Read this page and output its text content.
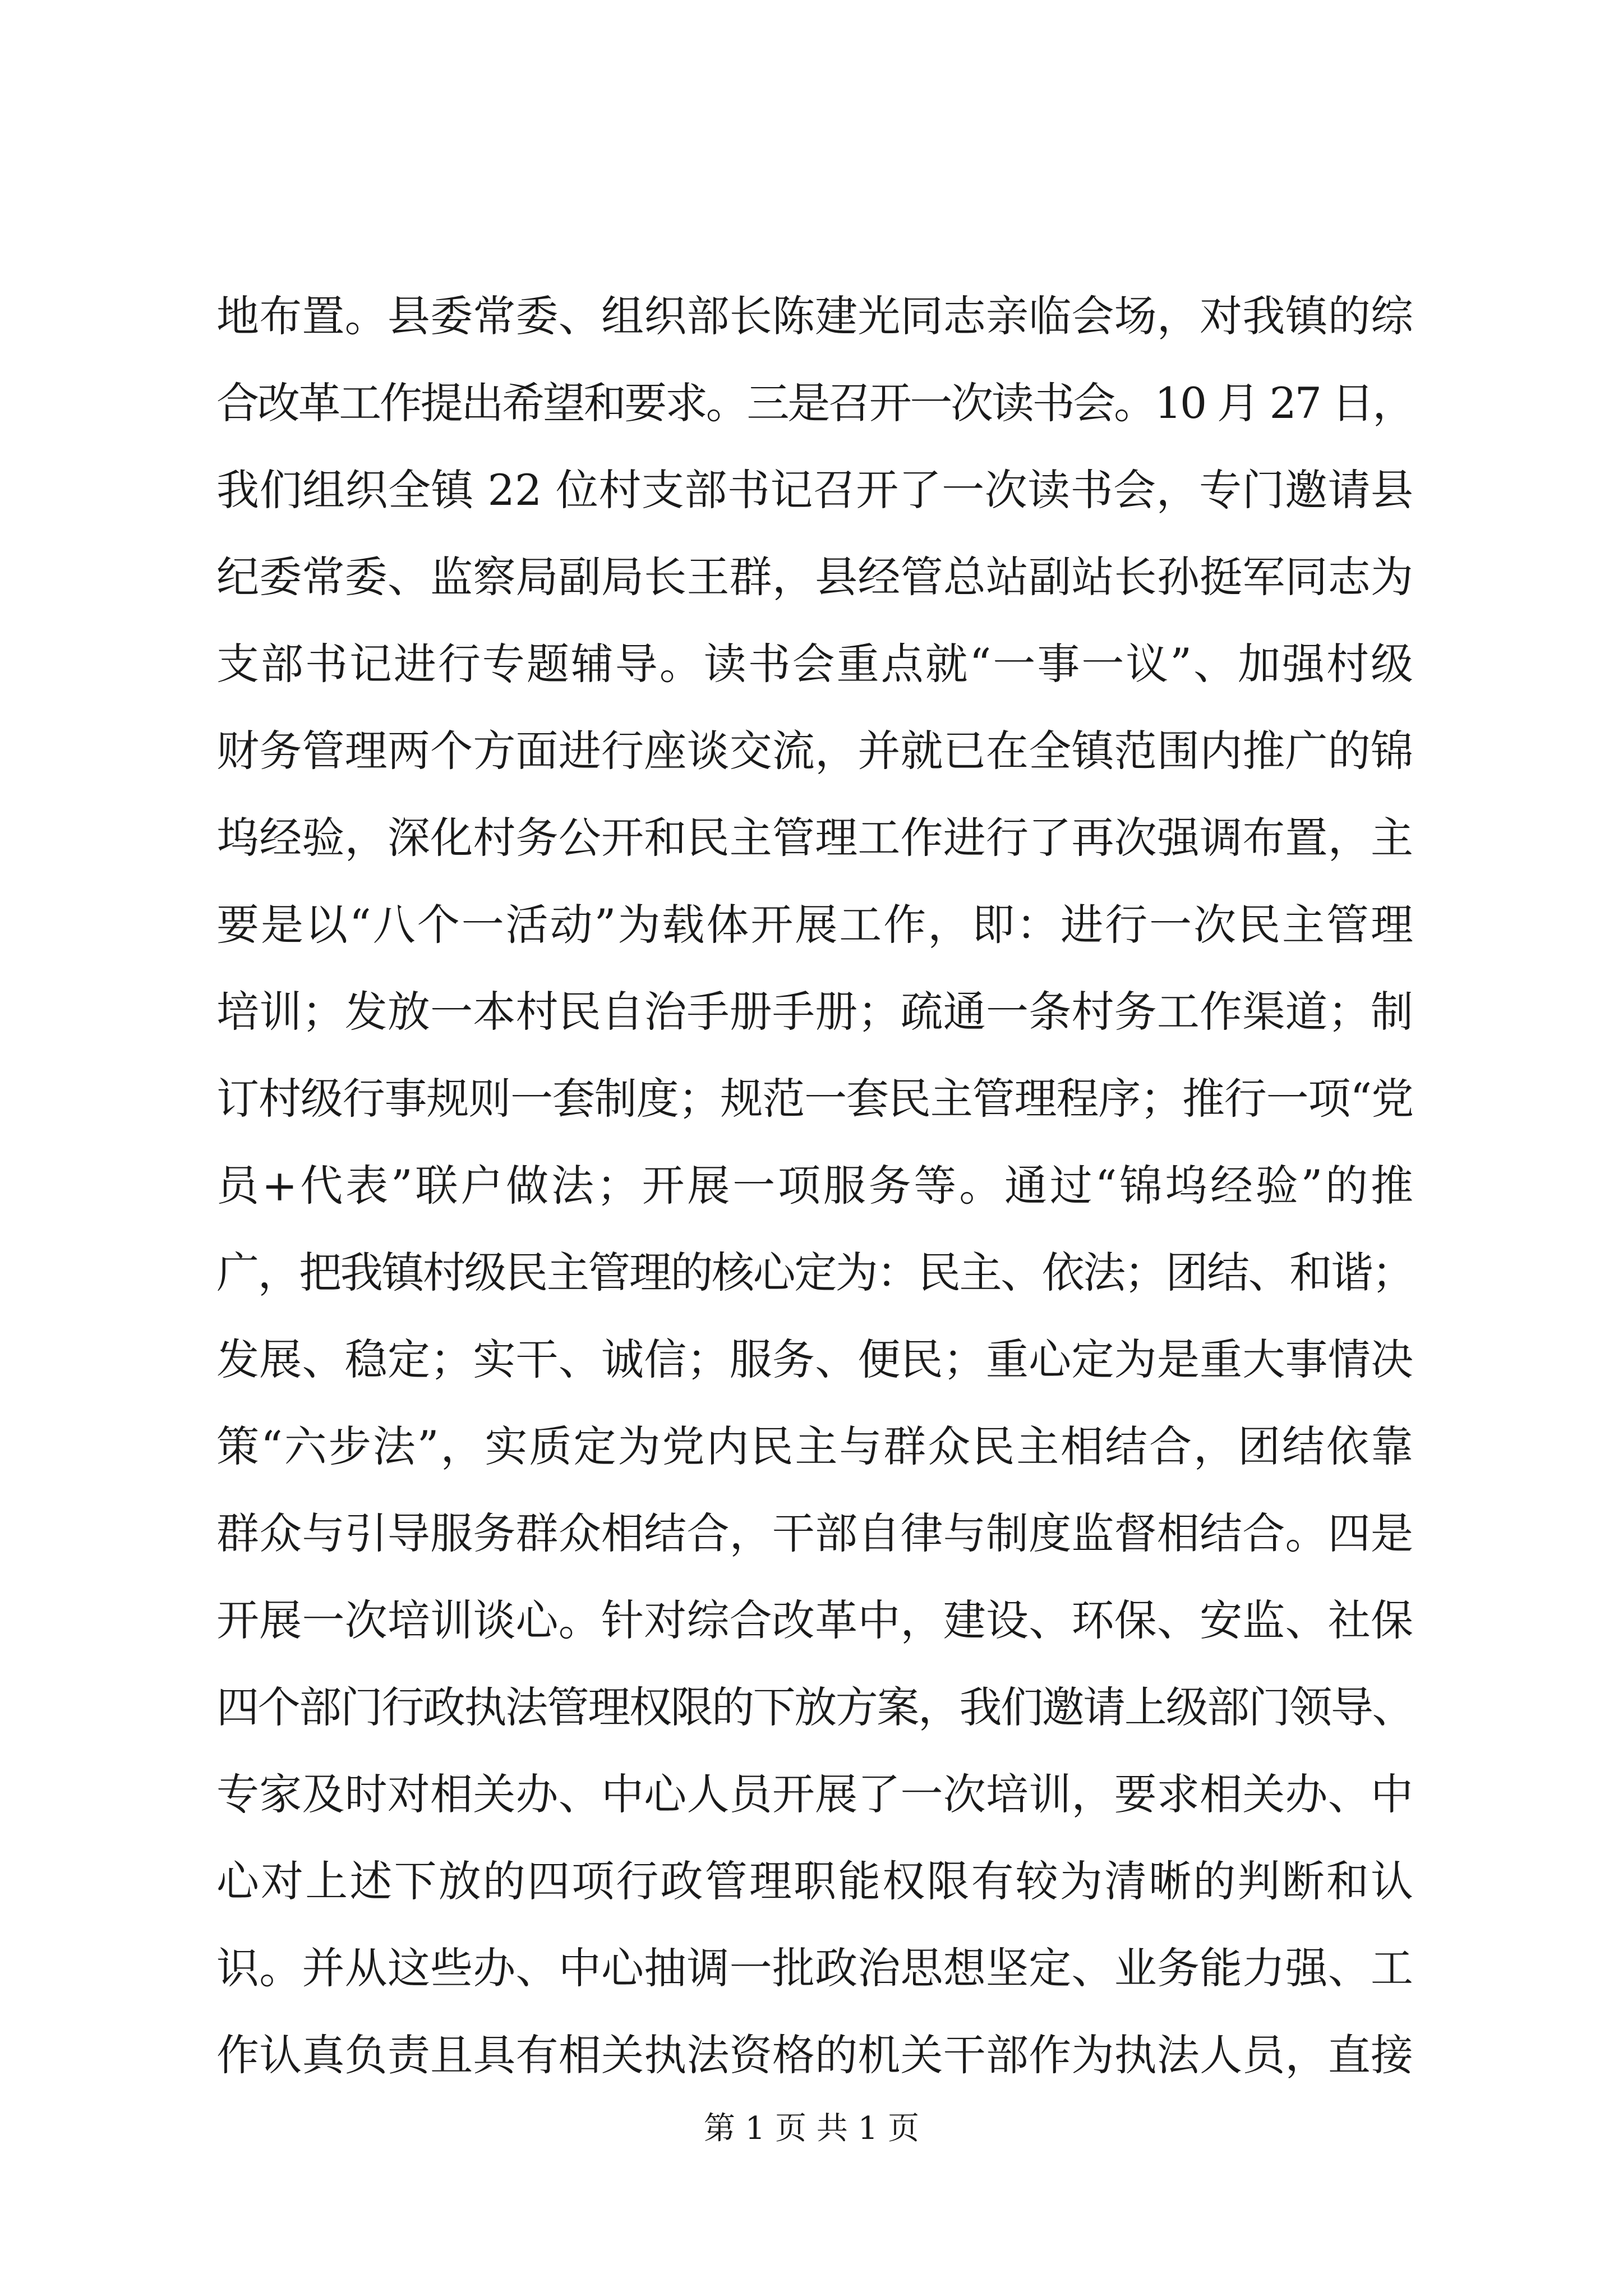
地布置。县委常委、组织部长陈建光同志亲临会场，对我镇的综
合改革工作提出希望和要求。三是召开一次读书会。10 月 27 日，
我们组织全镇 22 位村支部书记召开了一次读书会，专门邀请县
纪委常委、监察局副局长王群，县经管总站副站长孙挺军同志为
支部书记进行专题辅导。读书会重点就“一事一议”、加强村级
财务管理两个方面进行座谈交流，并就已在全镇范围内推广的锦
坞经验，深化村务公开和民主管理工作进行了再次强调布置，主
要是以“八个一活动”为载体开展工作，即：进行一次民主管理
培训；发放一本村民自治手册手册；疏通一条村务工作渠道；制
订村级行事规则一套制度；规范一套民主管理程序；推行一项“党
员+代表”联户做法；开展一项服务等。通过“锦坞经验”的推
广，把我镇村级民主管理的核心定为：民主、依法；团结、和谐；
发展、稳定；实干、诚信；服务、便民；重心定为是重大事情决
策“六步法”，实质定为党内民主与群众民主相结合，团结依靠
群众与引导服务群众相结合，干部自律与制度监督相结合。四是
开展一次培训谈心。针对综合改革中，建设、环保、安监、社保
四个部门行政执法管理权限的下放方案，我们邀请上级部门领导、
专家及时对相关办、中心人员开展了一次培训，要求相关办、中
心对上述下放的四项行政管理职能权限有较为清晰的判断和认
识。并从这些办、中心抽调一批政治思想坚定、业务能力强、工
作认真负责且具有相关执法资格的机关干部作为执法人员，直接
第 1 页 共 1 页
